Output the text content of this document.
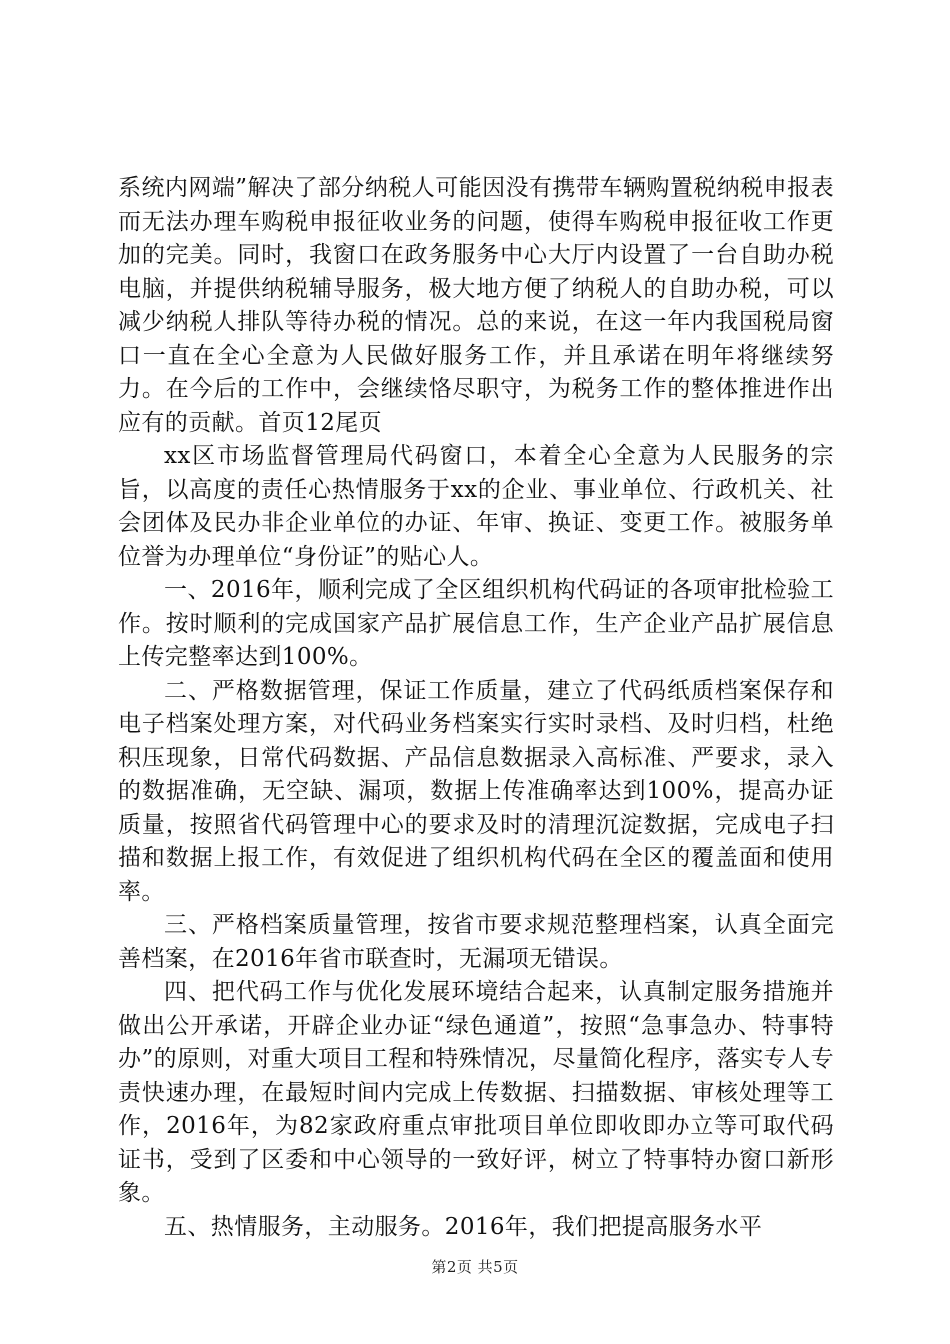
系统内网端”解决了部分纳税人可能因没有携带车辆购置税纳税申报表而无法办理车购税申报征收业务的问题，使得车购税申报征收工作更加的完美。同时，我窗口在政务服务中心大厅内设置了一台自助办税电脑，并提供纳税辅导服务，极大地方便了纳税人的自助办税，可以减少纳税人排队等待办税的情况。总的来说，在这一年内我国税局窗口一直在全心全意为人民做好服务工作，并且承诺在明年将继续努力。在今后的工作中，会继续恪尽职守，为税务工作的整体推进作出应有的贡献。首页12尾页

xx区市场监督管理局代码窗口，本着全心全意为人民服务的宗旨，以高度的责任心热情服务于xx的企业、事业单位、行政机关、社会团体及民办非企业单位的办证、年审、换证、变更工作。被服务单位誉为办理单位“身份证”的贴心人。

一、2016年，顺利完成了全区组织机构代码证的各项审批检验工作。按时顺利的完成国家产品扩展信息工作，生产企业产品扩展信息上传完整率达到100%。

二、严格数据管理，保证工作质量，建立了代码纸质档案保存和电子档案处理方案，对代码业务档案实行实时录档、及时归档，杜绝积压现象，日常代码数据、产品信息数据录入高标准、严要求，录入的数据准确，无空缺、漏项，数据上传准确率达到100%，提高办证质量，按照省代码管理中心的要求及时的清理沉淀数据，完成电子扫描和数据上报工作，有效促进了组织机构代码在全区的覆盖面和使用率。

三、严格档案质量管理，按省市要求规范整理档案，认真全面完善档案，在2016年省市联查时，无漏项无错误。

四、把代码工作与优化发展环境结合起来，认真制定服务措施并做出公开承诺，开辟企业办证“绿色通道”，按照“急事急办、特事特办”的原则，对重大项目工程和特殊情况，尽量简化程序，落实专人专责快速办理，在最短时间内完成上传数据、扫描数据、审核处理等工作，2016年，为82家政府重点审批项目单位即收即办立等可取代码证书，受到了区委和中心领导的一致好评，树立了特事特办窗口新形象。

五、热情服务，主动服务。2016年，我们把提高服务水平

第2页 共5页
